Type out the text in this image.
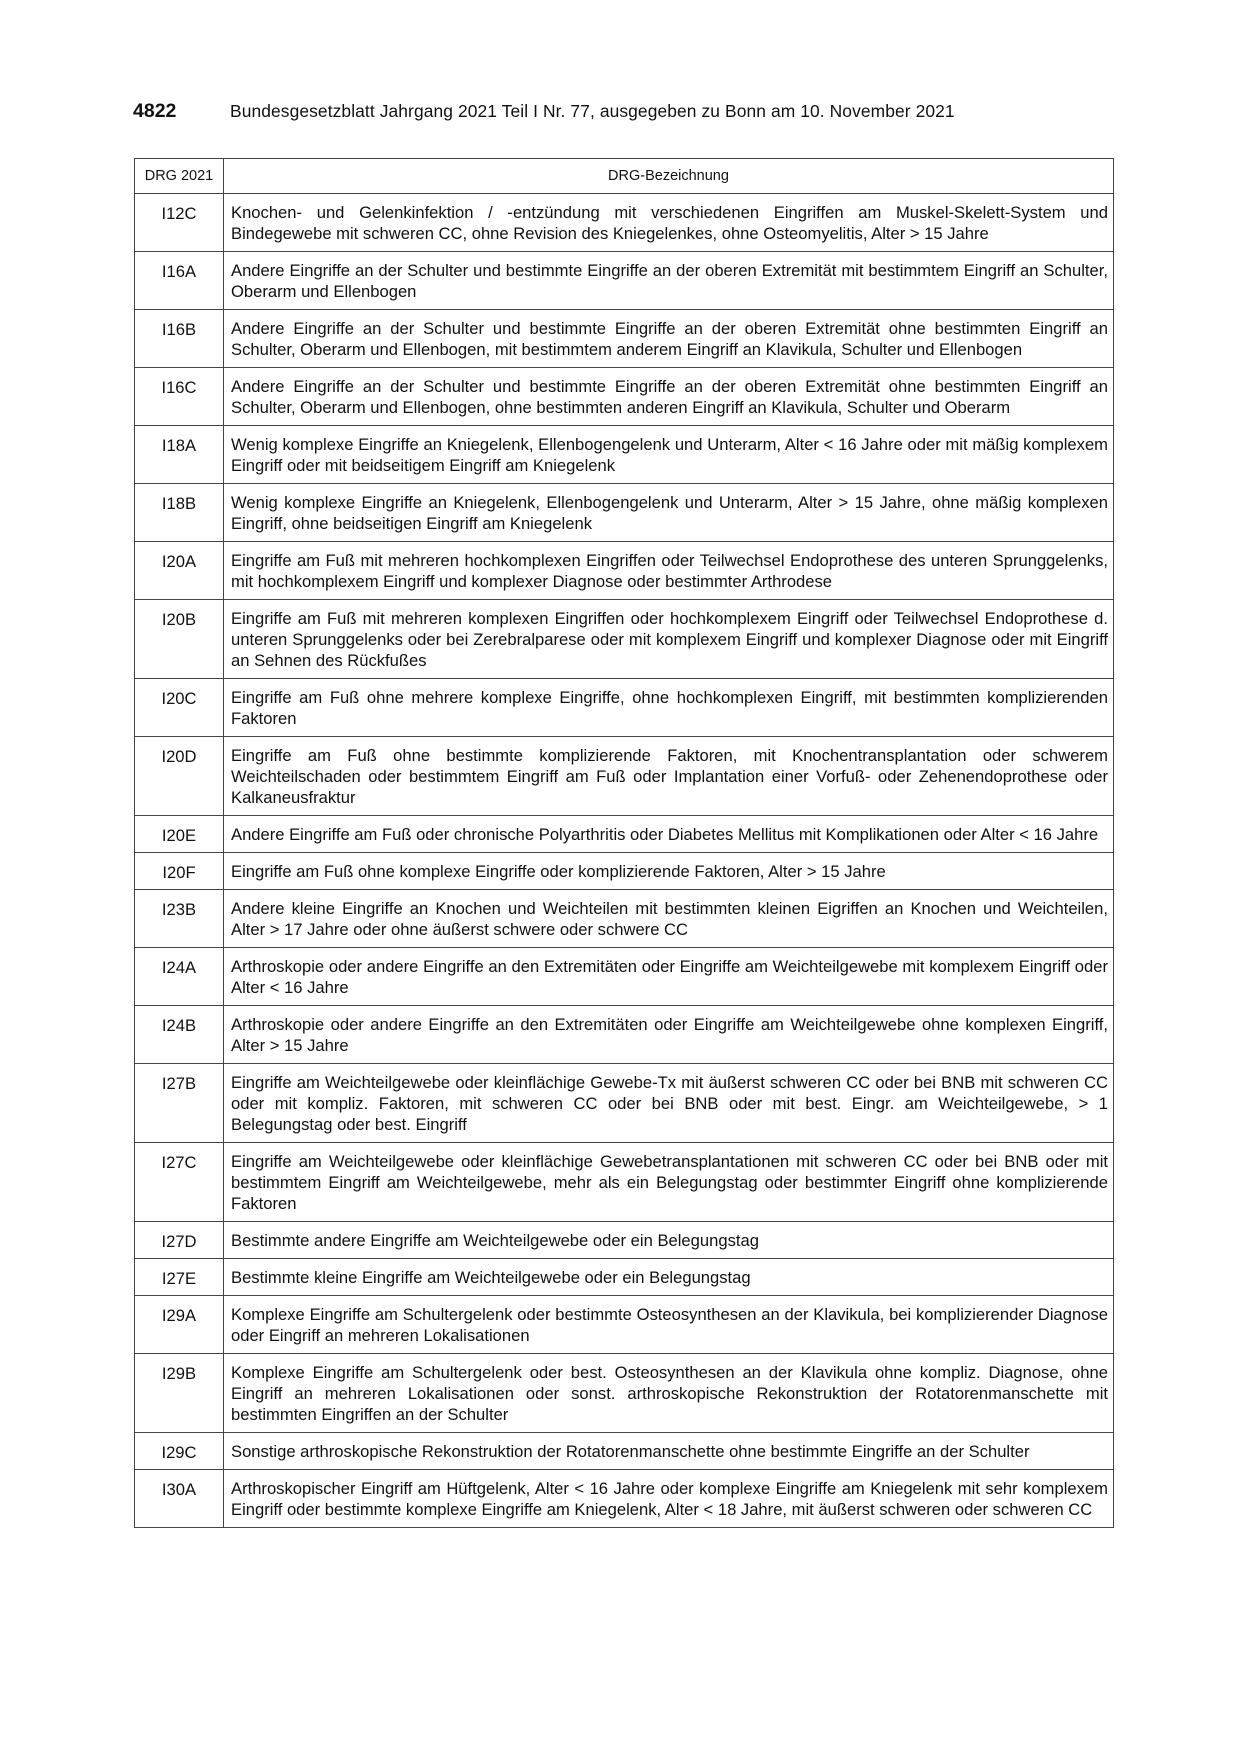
4822	Bundesgesetzblatt Jahrgang 2021 Teil I Nr. 77, ausgegeben zu Bonn am 10. November 2021
DRG 2021	DRG-Bezeichnung
I12C	Knochen- und Gelenkinfektion / -entzündung mit verschiedenen Eingriffen am Muskel-Skelett-System und Bindegewebe mit schweren CC, ohne Revision des Kniegelenkes, ohne Osteomyelitis, Alter > 15 Jahre
I16A	Andere Eingriffe an der Schulter und bestimmte Eingriffe an der oberen Extremität mit bestimmtem Eingriff an Schulter, Oberarm und Ellenbogen
I16B	Andere Eingriffe an der Schulter und bestimmte Eingriffe an der oberen Extremität ohne bestimmten Eingriff an Schulter, Oberarm und Ellenbogen, mit bestimmtem anderem Eingriff an Klavikula, Schulter und Ellenbogen
I16C	Andere Eingriffe an der Schulter und bestimmte Eingriffe an der oberen Extremität ohne bestimmten Eingriff an Schulter, Oberarm und Ellenbogen, ohne bestimmten anderen Eingriff an Klavikula, Schulter und Oberarm
I18A	Wenig komplexe Eingriffe an Kniegelenk, Ellenbogengelenk und Unterarm, Alter < 16 Jahre oder mit mäßig komplexem Eingriff oder mit beidseitigem Eingriff am Kniegelenk
I18B	Wenig komplexe Eingriffe an Kniegelenk, Ellenbogengelenk und Unterarm, Alter > 15 Jahre, ohne mäßig komplexen Eingriff, ohne beidseitigen Eingriff am Kniegelenk
I20A	Eingriffe am Fuß mit mehreren hochkomplexen Eingriffen oder Teilwechsel Endoprothese des unteren Sprunggelenks, mit hochkomplexem Eingriff und komplexer Diagnose oder bestimmter Arthrodese
I20B	Eingriffe am Fuß mit mehreren komplexen Eingriffen oder hochkomplexem Eingriff oder Teilwechsel Endoprothese d. unteren Sprunggelenks oder bei Zerebralparese oder mit komplexem Eingriff und komplexer Diagnose oder mit Eingriff an Sehnen des Rückfußes
I20C	Eingriffe am Fuß ohne mehrere komplexe Eingriffe, ohne hochkomplexen Eingriff, mit bestimmten komplizierenden Faktoren
I20D	Eingriffe am Fuß ohne bestimmte komplizierende Faktoren, mit Knochentransplantation oder schwerem Weichteilschaden oder bestimmtem Eingriff am Fuß oder Implantation einer Vorfuß- oder Zehenendoprothese oder Kalkaneusfraktur
I20E	Andere Eingriffe am Fuß oder chronische Polyarthritis oder Diabetes Mellitus mit Komplikationen oder Alter < 16 Jahre
I20F	Eingriffe am Fuß ohne komplexe Eingriffe oder komplizierende Faktoren, Alter > 15 Jahre
I23B	Andere kleine Eingriffe an Knochen und Weichteilen mit bestimmten kleinen Eigriffen an Knochen und Weichteilen, Alter > 17 Jahre oder ohne äußerst schwere oder schwere CC
I24A	Arthroskopie oder andere Eingriffe an den Extremitäten oder Eingriffe am Weichteilgewebe mit komplexem Eingriff oder Alter < 16 Jahre
I24B	Arthroskopie oder andere Eingriffe an den Extremitäten oder Eingriffe am Weichteilgewebe ohne komplexen Eingriff, Alter > 15 Jahre
I27B	Eingriffe am Weichteilgewebe oder kleinflächige Gewebe-Tx mit äußerst schweren CC oder bei BNB mit schweren CC oder mit kompliz. Faktoren, mit schweren CC oder bei BNB oder mit best. Eingr. am Weichteilgewebe, > 1 Belegungstag oder best. Eingriff
I27C	Eingriffe am Weichteilgewebe oder kleinflächige Gewebetransplantationen mit schweren CC oder bei BNB oder mit bestimmtem Eingriff am Weichteilgewebe, mehr als ein Belegungstag oder bestimmter Eingriff ohne komplizierende Faktoren
I27D	Bestimmte andere Eingriffe am Weichteilgewebe oder ein Belegungstag
I27E	Bestimmte kleine Eingriffe am Weichteilgewebe oder ein Belegungstag
I29A	Komplexe Eingriffe am Schultergelenk oder bestimmte Osteosynthesen an der Klavikula, bei komplizierender Diagnose oder Eingriff an mehreren Lokalisationen
I29B	Komplexe Eingriffe am Schultergelenk oder best. Osteosynthesen an der Klavikula ohne kompliz. Diagnose, ohne Eingriff an mehreren Lokalisationen oder sonst. arthroskopische Rekonstruktion der Rotatorenmanschette mit bestimmten Eingriffen an der Schulter
I29C	Sonstige arthroskopische Rekonstruktion der Rotatorenmanschette ohne bestimmte Eingriffe an der Schulter
I30A	Arthroskopischer Eingriff am Hüftgelenk, Alter < 16 Jahre oder komplexe Eingriffe am Kniegelenk mit sehr komplexem Eingriff oder bestimmte komplexe Eingriffe am Kniegelenk, Alter < 18 Jahre, mit äußerst schweren oder schweren CC
